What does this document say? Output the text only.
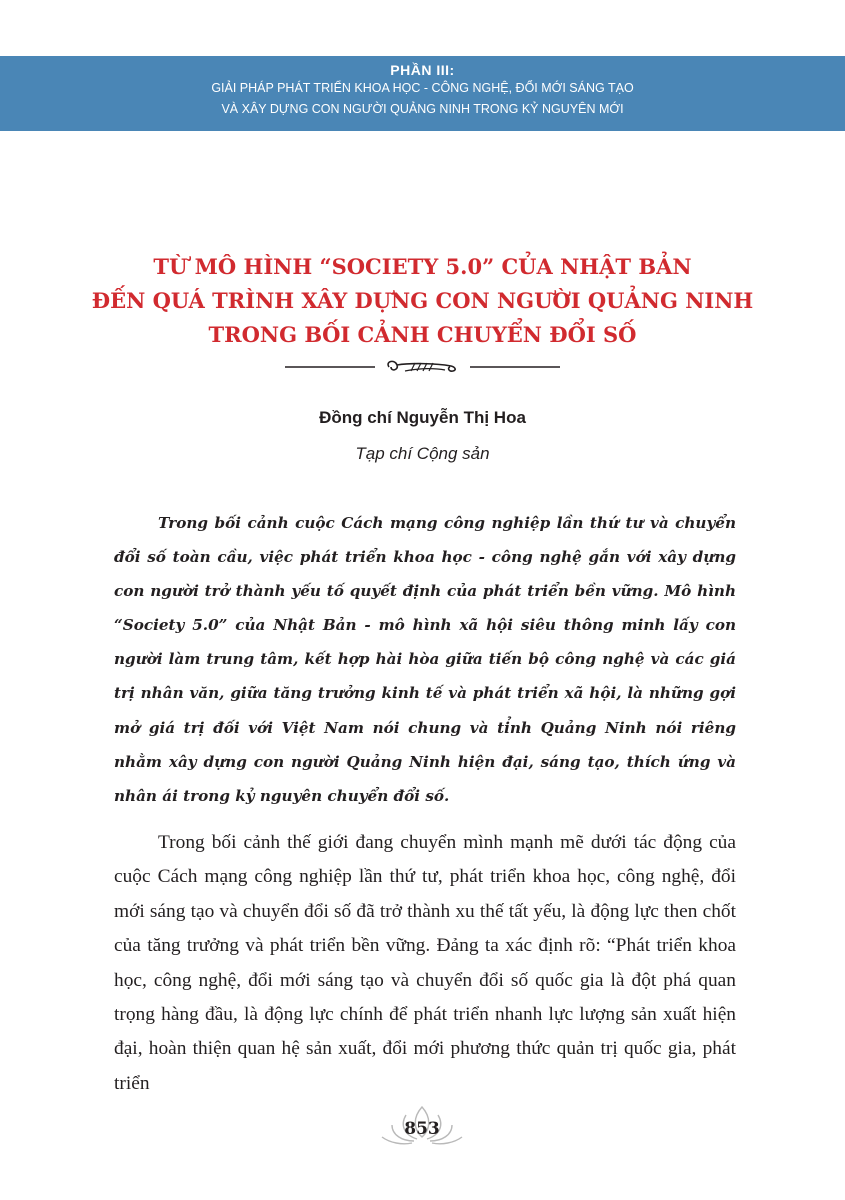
PHẦN III:
GIẢI PHÁP PHÁT TRIỂN KHOA HỌC - CÔNG NGHỆ, ĐỔI MỚI SÁNG TẠO
VÀ XÂY DỰNG CON NGƯỜI QUẢNG NINH TRONG KỶ NGUYÊN MỚI
TỪ MÔ HÌNH “SOCIETY 5.0” CỦA NHẬT BẢN
ĐẾN QUÁ TRÌNH XÂY DỰNG CON NGƯỜI QUẢNG NINH
TRONG BỐI CẢNH CHUYỂN ĐỔI SỐ
Đồng chí Nguyễn Thị Hoa
Tạp chí Cộng sản

Trong bối cảnh cuộc Cách mạng công nghiệp lần thứ tư và chuyển đổi số toàn cầu, việc phát triển khoa học - công nghệ gắn với xây dựng con người trở thành yếu tố quyết định của phát triển bền vững. Mô hình “Society 5.0” của Nhật Bản - mô hình xã hội siêu thông minh lấy con người làm trung tâm, kết hợp hài hòa giữa tiến bộ công nghệ và các giá trị nhân văn, giữa tăng trưởng kinh tế và phát triển xã hội, là những gợi mở giá trị đối với Việt Nam nói chung và tỉnh Quảng Ninh nói riêng nhằm xây dựng con người Quảng Ninh hiện đại, sáng tạo, thích ứng và nhân ái trong kỷ nguyên chuyển đổi số.

Trong bối cảnh thế giới đang chuyển mình mạnh mẽ dưới tác động của cuộc Cách mạng công nghiệp lần thứ tư, phát triển khoa học, công nghệ, đổi mới sáng tạo và chuyển đổi số đã trở thành xu thế tất yếu, là động lực then chốt của tăng trưởng và phát triển bền vững. Đảng ta xác định rõ: “Phát triển khoa học, công nghệ, đổi mới sáng tạo và chuyển đổi số quốc gia là đột phá quan trọng hàng đầu, là động lực chính để phát triển nhanh lực lượng sản xuất hiện đại, hoàn thiện quan hệ sản xuất, đổi mới phương thức quản trị quốc gia, phát triển

853
